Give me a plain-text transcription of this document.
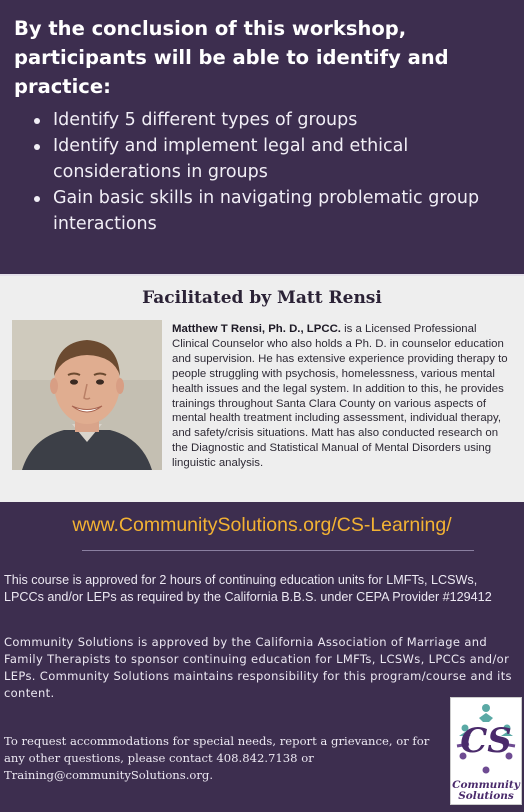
By the conclusion of this workshop, participants will be able to identify and practice:
Identify 5 different types of groups
Identify and implement legal and ethical considerations in groups
Gain basic skills in navigating problematic group interactions
Facilitated by Matt Rensi

Matthew T Rensi, Ph. D., LPCC. is a Licensed Professional Clinical Counselor who also holds a Ph. D. in counselor education and supervision. He has extensive experience providing therapy to people struggling with psychosis, homelessness, various mental health issues and the legal system. In addition to this, he provides trainings throughout Santa Clara County on various aspects of mental health treatment including assessment, individual therapy, and safety/crisis situations. Matt has also conducted research on the Diagnostic and Statistical Manual of Mental Disorders using linguistic analysis.

www.CommunitySolutions.org/CS-Learning/

This course is approved for 2 hours of continuing education units for LMFTs, LCSWs, LPCCs and/or LEPs as required by the California B.B.S. under CEPA Provider #129412

Community Solutions is approved by the California Association of Marriage and Family Therapists to sponsor continuing education for LMFTs, LCSWs, LPCCs and/or LEPs. Community Solutions maintains responsibility for this program/course and its content.

To request accommodations for special needs, report a grievance, or for any other questions, please contact 408.842.7138 or Training@communitySolutions.org.

CS
Community
Solutions
